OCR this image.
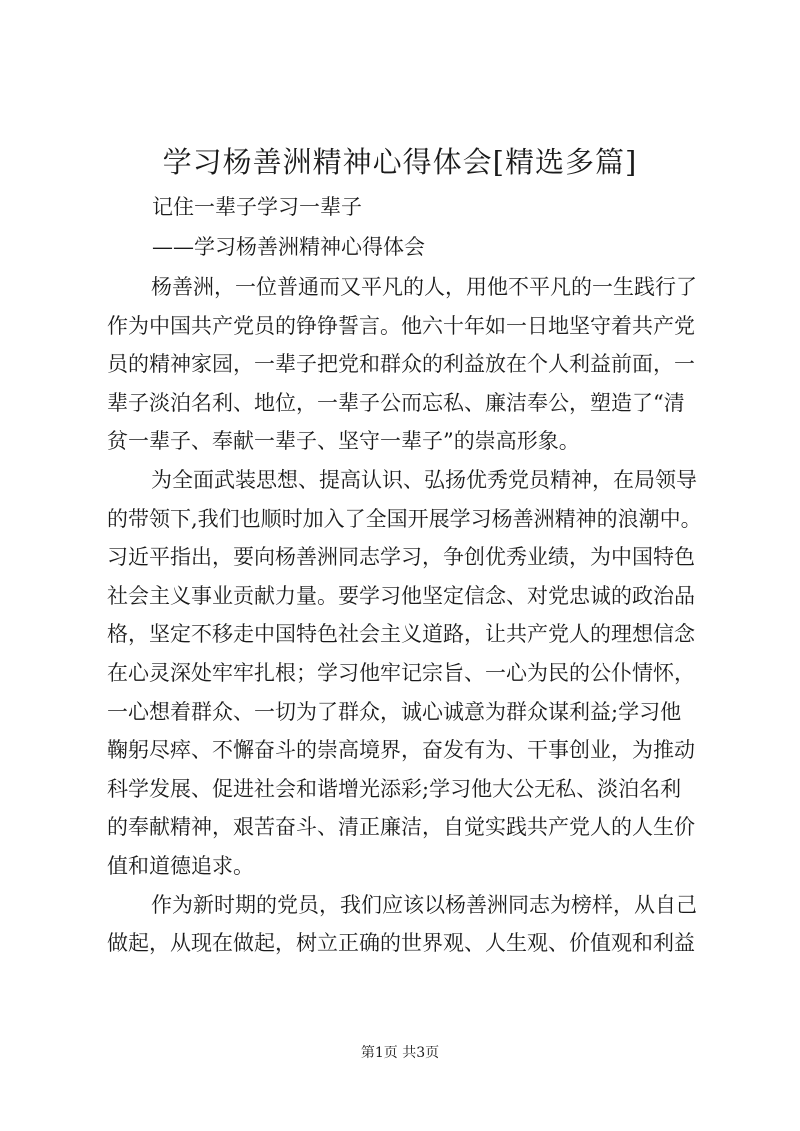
学习杨善洲精神心得体会[精选多篇]
记住一辈子学习一辈子
——学习杨善洲精神心得体会
杨善洲，一位普通而又平凡的人，用他不平凡的一生践行了
作为中国共产党员的铮铮誓言。他六十年如一日地坚守着共产党
员的精神家园，一辈子把党和群众的利益放在个人利益前面，一
辈子淡泊名利、地位，一辈子公而忘私、廉洁奉公，塑造了“清
贫一辈子、奉献一辈子、坚守一辈子”的崇高形象。
为全面武装思想、提高认识、弘扬优秀党员精神，在局领导
的带领下,我们也顺时加入了全国开展学习杨善洲精神的浪潮中。
习近平指出，要向杨善洲同志学习，争创优秀业绩，为中国特色
社会主义事业贡献力量。要学习他坚定信念、对党忠诚的政治品
格，坚定不移走中国特色社会主义道路，让共产党人的理想信念
在心灵深处牢牢扎根；学习他牢记宗旨、一心为民的公仆情怀，
一心想着群众、一切为了群众，诚心诚意为群众谋利益;学习他
鞠躬尽瘁、不懈奋斗的崇高境界，奋发有为、干事创业，为推动
科学发展、促进社会和谐增光添彩;学习他大公无私、淡泊名利
的奉献精神，艰苦奋斗、清正廉洁，自觉实践共产党人的人生价
值和道德追求。
作为新时期的党员，我们应该以杨善洲同志为榜样，从自己
做起，从现在做起，树立正确的世界观、人生观、价值观和利益
第1页 共3页
